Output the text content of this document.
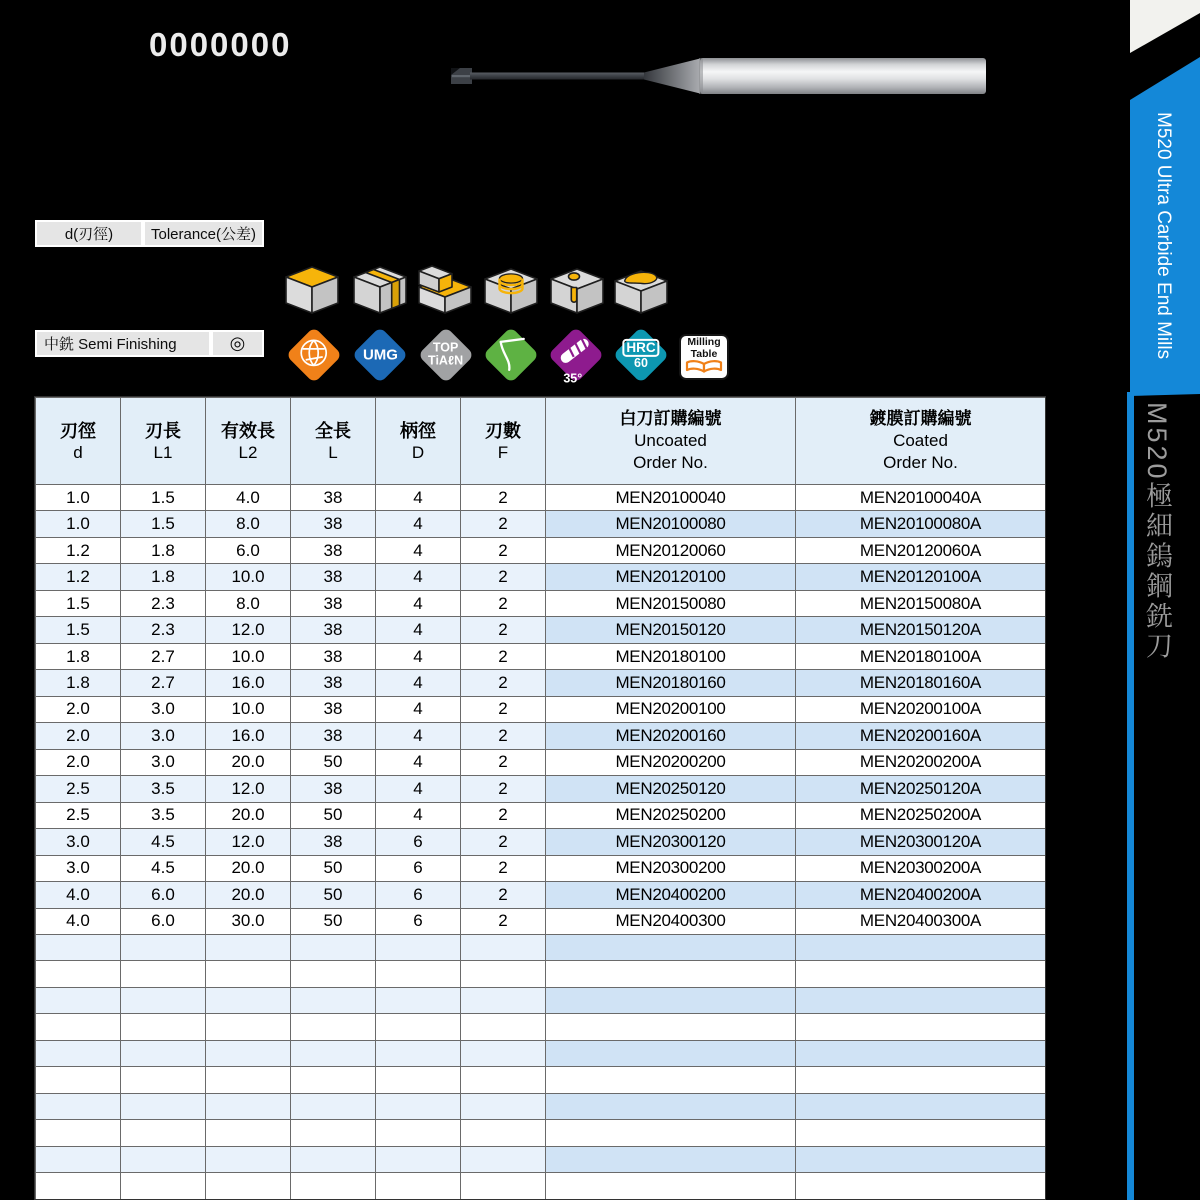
0000000
d(刃徑)	Tolerance(公差)
中銑 Semi Finishing	◎
UMG	TOP
TiAℓN
35°
HRC
60
Milling
Table	M520 Ultra Carbide End Mills
M520極細鎢鋼銑刀
刃徑
d

刃長
L1

有效長
L2

全長
L

柄徑
D

刃數
F

白刀訂購編號
Uncoated
Order No.

鍍膜訂購編號
Coated
Order No.

1.0	1.5	4.0	38	4	2	MEN20100040	MEN20100040A
1.0	1.5	8.0	38	4	2	MEN20100080	MEN20100080A
1.2	1.8	6.0	38	4	2	MEN20120060	MEN20120060A
1.2	1.8	10.0	38	4	2	MEN20120100	MEN20120100A
1.5	2.3	8.0	38	4	2	MEN20150080	MEN20150080A
1.5	2.3	12.0	38	4	2	MEN20150120	MEN20150120A
1.8	2.7	10.0	38	4	2	MEN20180100	MEN20180100A
1.8	2.7	16.0	38	4	2	MEN20180160	MEN20180160A
2.0	3.0	10.0	38	4	2	MEN20200100	MEN20200100A
2.0	3.0	16.0	38	4	2	MEN20200160	MEN20200160A
2.0	3.0	20.0	50	4	2	MEN20200200	MEN20200200A
2.5	3.5	12.0	38	4	2	MEN20250120	MEN20250120A
2.5	3.5	20.0	50	4	2	MEN20250200	MEN20250200A
3.0	4.5	12.0	38	6	2	MEN20300120	MEN20300120A
3.0	4.5	20.0	50	6	2	MEN20300200	MEN20300200A
4.0	6.0	20.0	50	6	2	MEN20400200	MEN20400200A
4.0	6.0	30.0	50	6	2	MEN20400300	MEN20400300A
